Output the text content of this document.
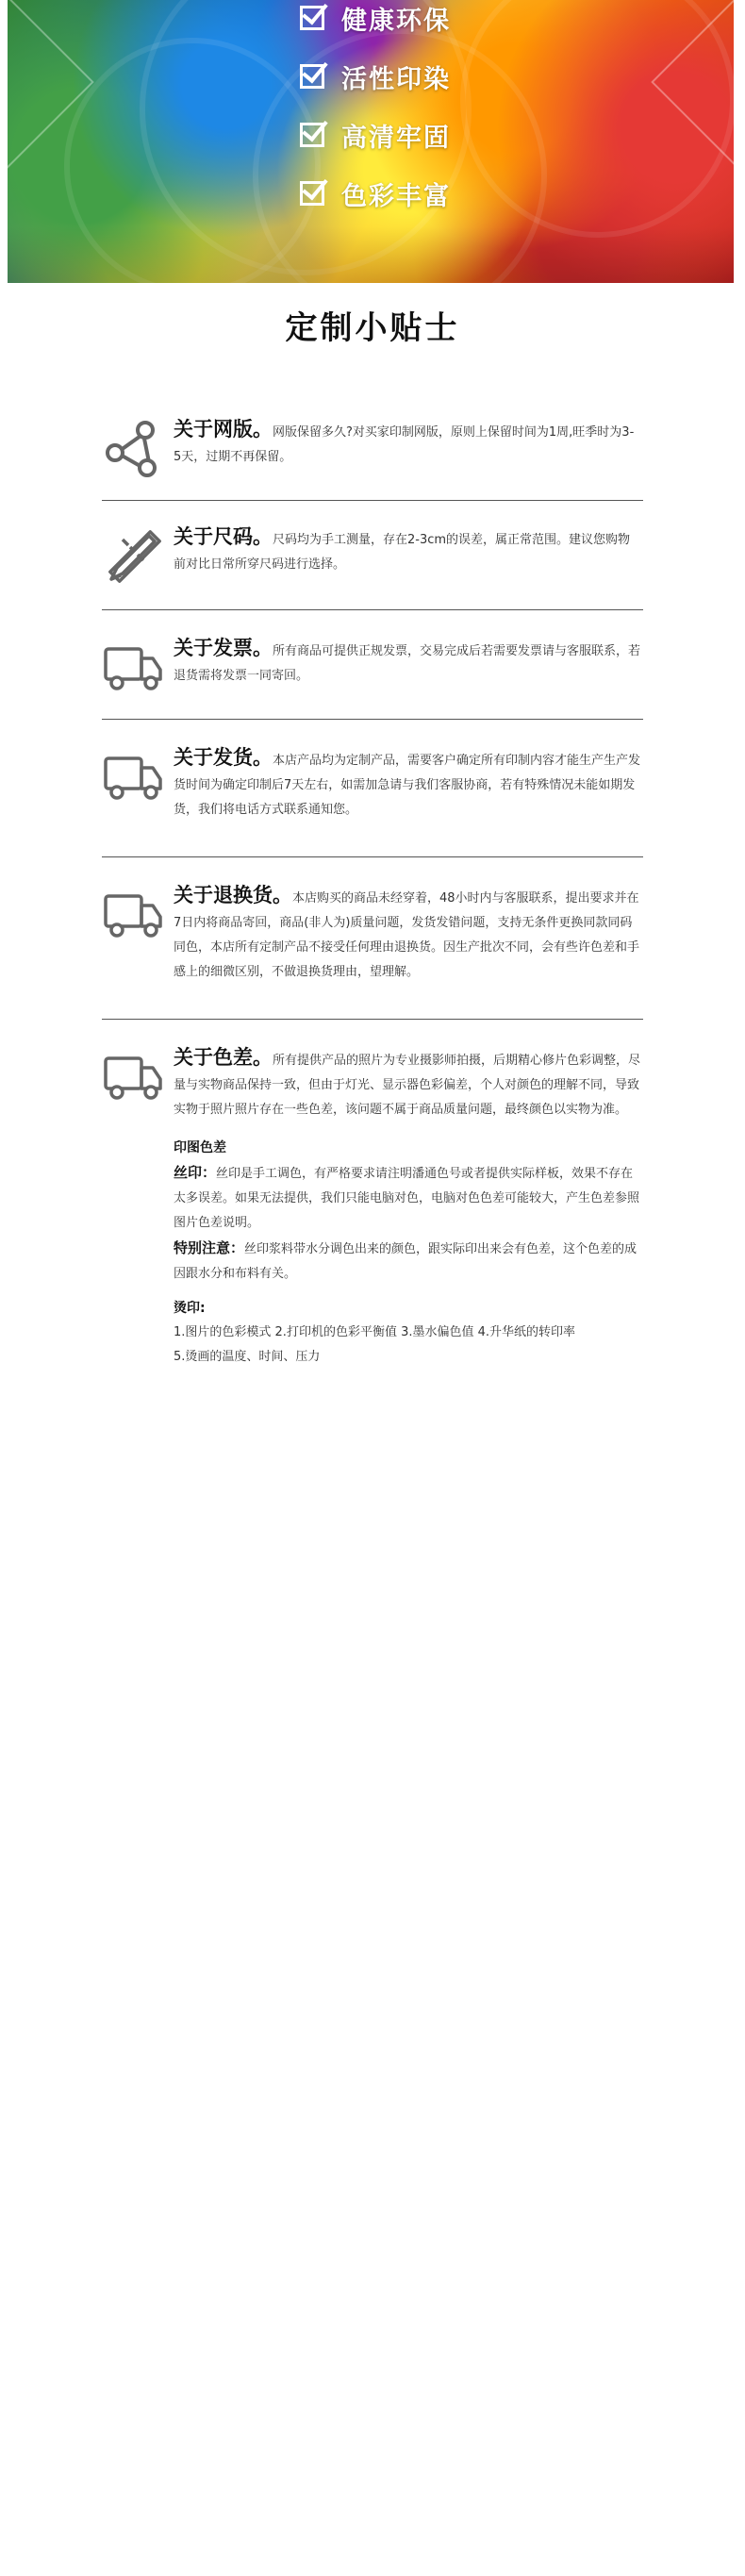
健康环保
活性印染
高清牢固
色彩丰富
定制小贴士
关于网版。网版保留多久?对买家印制网版，原则上保留时间为1周,旺季时为3-5天，过期不再保留。
关于尺码。尺码均为手工测量，存在2-3cm的误差，属正常范围。建议您购物前对比日常所穿尺码进行选择。
关于发票。所有商品可提供正规发票，交易完成后若需要发票请与客服联系，若退货需将发票一同寄回。
关于发货。本店产品均为定制产品，需要客户确定所有印制内容才能生产生产发货时间为确定印制后7天左右，如需加急请与我们客服协商，若有特殊情况未能如期发货，我们将电话方式联系通知您。
关于退换货。本店购买的商品未经穿着，48小时内与客服联系，提出要求并在7日内将商品寄回，商品(非人为)质量问题，发货发错问题，支持无条件更换同款同码同色，本店所有定制产品不接受任何理由退换货。因生产批次不同，会有些许色差和手感上的细微区别，不做退换货理由，望理解。
关于色差。所有提供产品的照片为专业摄影师拍摄，后期精心修片色彩调整，尽量与实物商品保持一致，但由于灯光、显示器色彩偏差，个人对颜色的理解不同，导致实物于照片照片存在一些色差，该问题不属于商品质量问题，最终颜色以实物为准。
印图色差
丝印：丝印是手工调色，有严格要求请注明潘通色号或者提供实际样板，效果不存在太多误差。如果无法提供，我们只能电脑对色，电脑对色色差可能较大，产生色差参照图片色差说明。
特别注意：丝印浆料带水分调色出来的颜色，跟实际印出来会有色差，这个色差的成因跟水分和布料有关。
烫印:
1.图片的色彩模式 2.打印机的色彩平衡值 3.墨水偏色值 4.升华纸的转印率
5.烫画的温度、时间、压力
